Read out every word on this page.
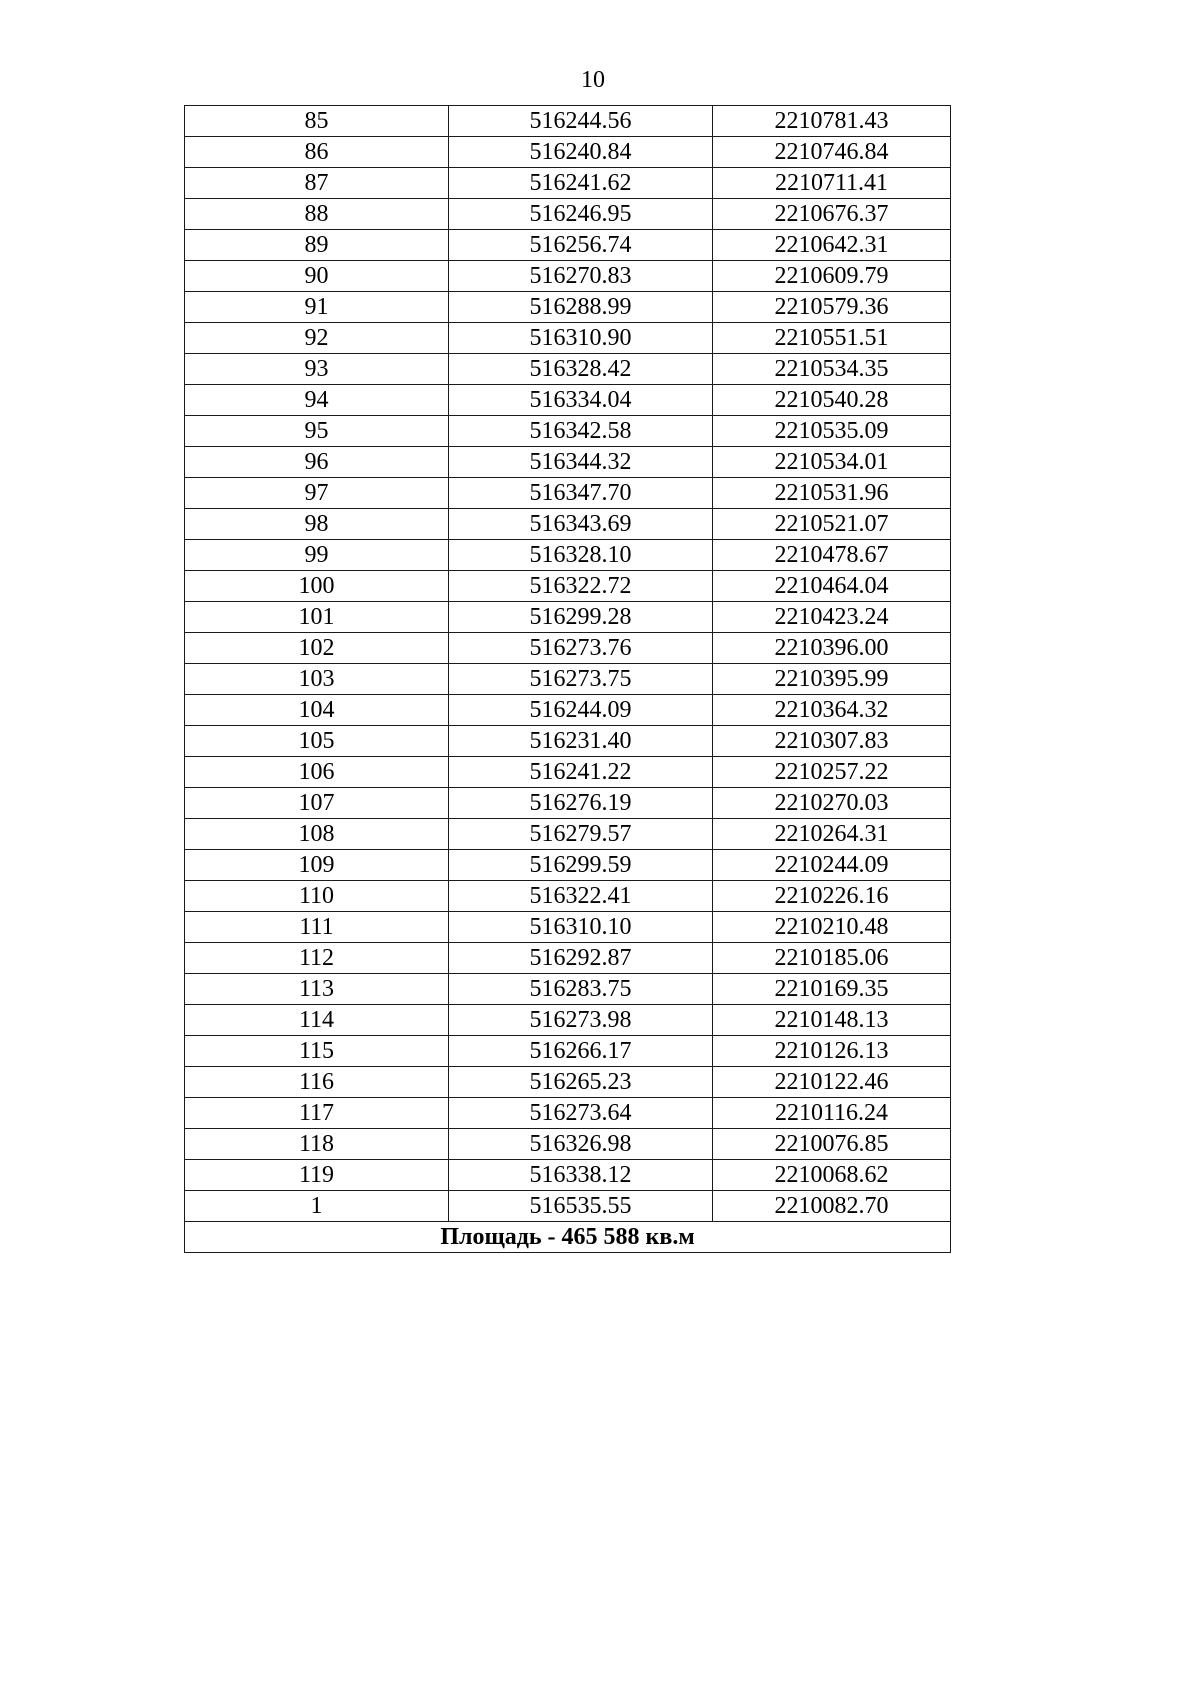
10
85	516244.56	2210781.43
86	516240.84	2210746.84
87	516241.62	2210711.41
88	516246.95	2210676.37
89	516256.74	2210642.31
90	516270.83	2210609.79
91	516288.99	2210579.36
92	516310.90	2210551.51
93	516328.42	2210534.35
94	516334.04	2210540.28
95	516342.58	2210535.09
96	516344.32	2210534.01
97	516347.70	2210531.96
98	516343.69	2210521.07
99	516328.10	2210478.67
100	516322.72	2210464.04
101	516299.28	2210423.24
102	516273.76	2210396.00
103	516273.75	2210395.99
104	516244.09	2210364.32
105	516231.40	2210307.83
106	516241.22	2210257.22
107	516276.19	2210270.03
108	516279.57	2210264.31
109	516299.59	2210244.09
110	516322.41	2210226.16
111	516310.10	2210210.48
112	516292.87	2210185.06
113	516283.75	2210169.35
114	516273.98	2210148.13
115	516266.17	2210126.13
116	516265.23	2210122.46
117	516273.64	2210116.24
118	516326.98	2210076.85
119	516338.12	2210068.62
1	516535.55	2210082.70
Площадь - 465 588 кв.м		
